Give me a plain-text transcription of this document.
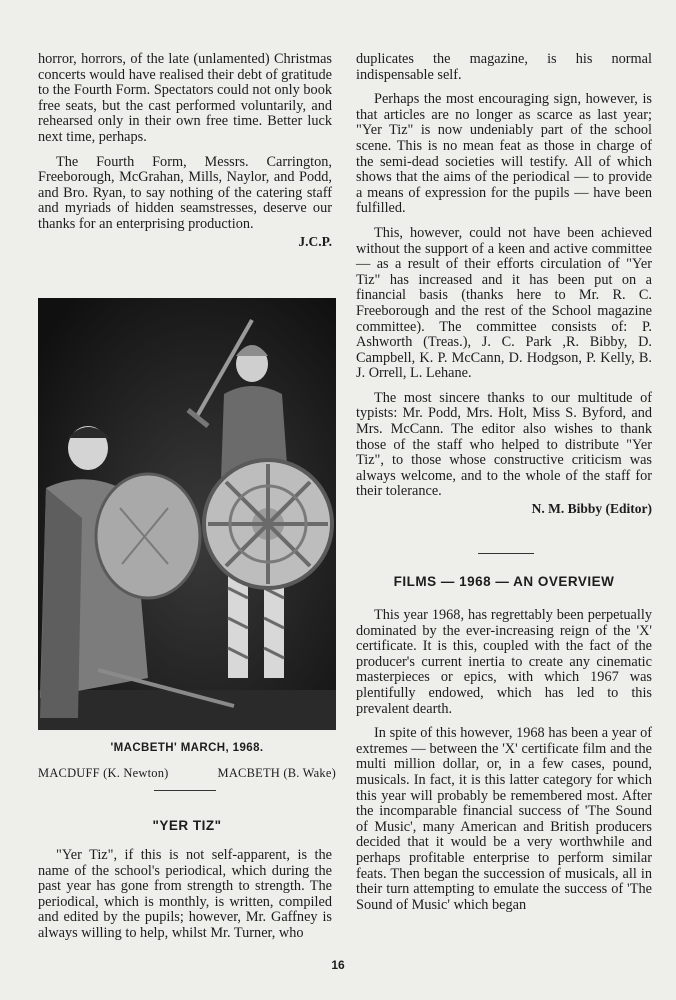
horror, horrors, of the late (unlamented) Christmas concerts would have realised their debt of gratitude to the Fourth Form. Spectators could not only book free seats, but the cast performed voluntarily, and rehearsed only in their own free time. Better luck next time, perhaps.

The Fourth Form, Messrs. Carrington, Freeborough, McGrahan, Mills, Naylor, and Podd, and Bro. Ryan, to say nothing of the catering staff and myriads of hidden seamstresses, deserve our thanks for an enterprising production.

J.C.P.
'MACBETH' MARCH, 1968.
MACDUFF (K. Newton)	MACBETH (B. Wake)
"YER TIZ"

"Yer Tiz", if this is not self-apparent, is the name of the school's periodical, which during the past year has gone from strength to strength. The periodical, which is monthly, is written, compiled and edited by the pupils; however, Mr. Gaffney is always willing to help, whilst Mr. Turner, who

duplicates the magazine, is his normal indispensable self.

Perhaps the most encouraging sign, however, is that articles are no longer as scarce as last year; "Yer Tiz" is now undeniably part of the school scene. This is no mean feat as those in charge of the semi-dead societies will testify. All of which shows that the aims of the periodical — to provide a means of expression for the pupils — have been fulfilled.

This, however, could not have been achieved without the support of a keen and active committee — as a result of their efforts circulation of "Yer Tiz" has increased and it has been put on a financial basis (thanks here to Mr. R. C. Freeborough and the rest of the School magazine committee). The committee consists of: P. Ashworth (Treas.), J. C. Park ,R. Bibby, D. Campbell, K. P. McCann, D. Hodgson, P. Kelly, B. J. Orrell, L. Lehane.

The most sincere thanks to our multitude of typists: Mr. Podd, Mrs. Holt, Miss S. Byford, and Mrs. McCann. The editor also wishes to thank those of the staff who helped to distribute "Yer Tiz", to those whose constructive criticism was always welcome, and to the whole of the staff for their tolerance.

N. M. Bibby (Editor)
FILMS — 1968 — AN OVERVIEW

This year 1968, has regrettably been perpetually dominated by the ever-increasing reign of the 'X' certificate. It is this, coupled with the fact of the producer's current inertia to create any cinematic masterpieces or epics, with which 1967 was plentifully endowed, which has led to this prevalent dearth.

In spite of this however, 1968 has been a year of extremes — between the 'X' certificate film and the multi million dollar, or, in a few cases, pound, musicals. In fact, it is this latter category for which this year will probably be remembered most. After the incomparable financial success of 'The Sound of Music', many American and British producers decided that it would be a very worthwhile and perhaps profitable enterprise to perform similar feats. Then began the succession of musicals, all in their turn attempting to emulate the success of 'The Sound of Music' which began

16
